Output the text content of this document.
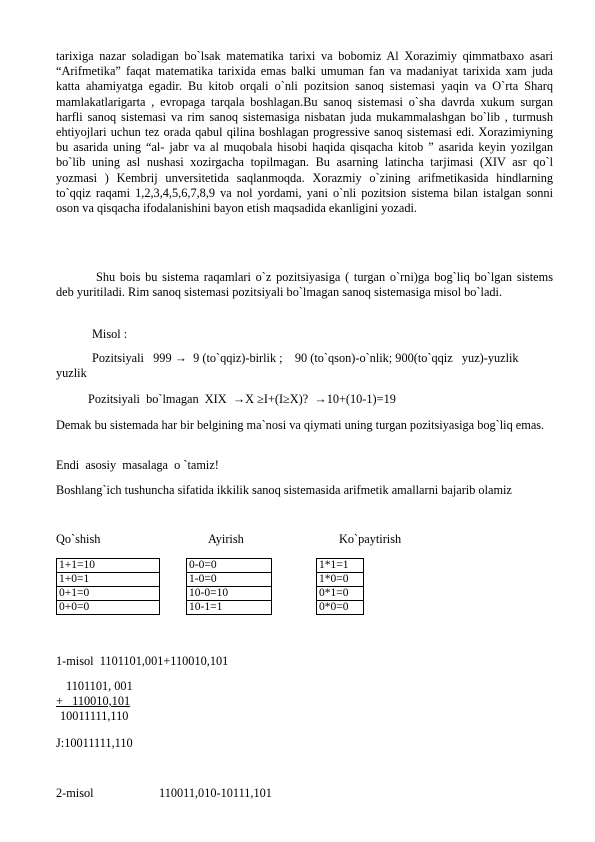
tarixiga nazar soladigan bo`lsak matematika tarixi va bobomiz Al Xorazimiy qimmatbaxo asari “Arifmetika” faqat matematika tarixida emas balki umuman fan va madaniyat tarixida xam juda katta ahamiyatga egadir. Bu kitob orqali o`nli pozitsion sanoq sistemasi yaqin va O`rta Sharq mamlakatlarigarta , evropaga tarqala boshlagan.Bu sanoq sistemasi o`sha davrda xukum surgan harfli sanoq sistemasi va rim sanoq sistemasiga nisbatan juda mukammalashgan bo`lib , turmush ehtiyojlari uchun tez orada qabul qilina boshlagan progressive sanoq sistemasi edi. Xorazimiyning bu asarida uning “al- jabr va al muqobala hisobi haqida qisqacha kitob ” asarida keyin yozilgan bo`lib uning asl nushasi xozirgacha topilmagan. Bu asarning latincha tarjimasi (XIV asr qo`l yozmasi ) Kembrij unversitetida saqlanmoqda. Xorazmiy o`zining arifmetikasida hindlarning to`qqiz raqami 1,2,3,4,5,6,7,8,9 va nol yordami, yani o`nli pozitsion sistema bilan istalgan sonni oson va qisqacha ifodalanishini bayon etish maqsadida ekanligini yozadi.
Shu bois bu sistema raqamlari o`z pozitsiyasiga ( turgan o`rni)ga bog`liq bo`lgan sistems deb yuritiladi. Rim sanoq sistemasi pozitsiyali bo`lmagan sanoq sistemasiga misol bo`ladi.
Misol :
Pozitsiyali   999 → 9 (to`qqiz)-birlik ;    90 (to`qson)-o`nlik; 900(to`qqiz   yuz)-yuzlik
yuzlik
Pozitsiyali  bo`lmagan  XIX →X ≥I+(I≥X)? →10+(10-1)=19
Demak bu sistemada har bir belgining ma`nosi va qiymati uning turgan pozitsiyasiga bog`liq emas.
Endi  asosiy  masalaga  o `tamiz!
Boshlang`ich tushuncha sifatida ikkilik sanoq sistemasida arifmetik amallarni bajarib olamiz
Qo`shish	Ayirish	Ko`paytirish
1+1=10
1+0=1
0+1=0
0+0=0
0-0=0
1-0=0
10-0=10
10-1=1
1*1=1
1*0=0
0*1=0
0*0=0
1-misol  1101101,001+110010,101
1101101, 001
+   110010,101
10011111,110
J:10011111,110
2-misol	110011,010-10111,101
